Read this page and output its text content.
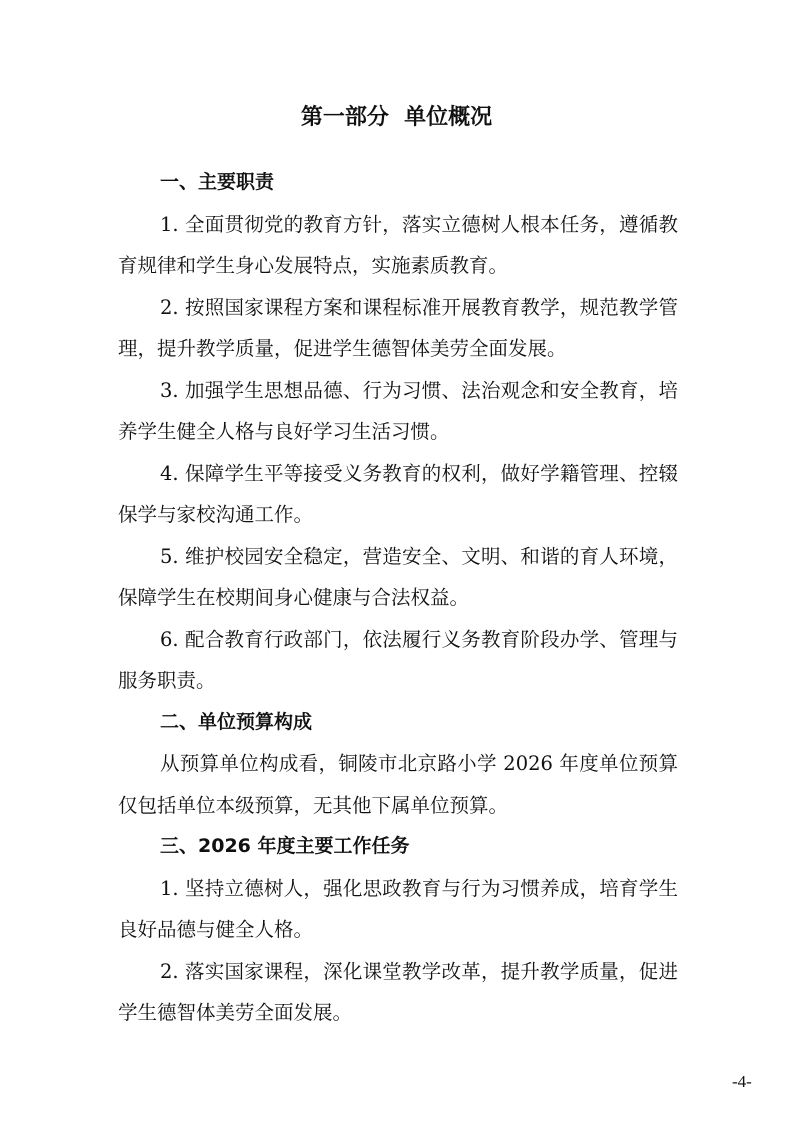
第一部分  单位概况

一、主要职责

1. 全面贯彻党的教育方针，落实立德树人根本任务，遵循教育规律和学生身心发展特点，实施素质教育。

2. 按照国家课程方案和课程标准开展教育教学，规范教学管理，提升教学质量，促进学生德智体美劳全面发展。

3. 加强学生思想品德、行为习惯、法治观念和安全教育，培养学生健全人格与良好学习生活习惯。

4. 保障学生平等接受义务教育的权利，做好学籍管理、控辍保学与家校沟通工作。

5. 维护校园安全稳定，营造安全、文明、和谐的育人环境，保障学生在校期间身心健康与合法权益。

6. 配合教育行政部门，依法履行义务教育阶段办学、管理与服务职责。

二、单位预算构成

从预算单位构成看，铜陵市北京路小学 2026 年度单位预算仅包括单位本级预算，无其他下属单位预算。

三、2026 年度主要工作任务

1. 坚持立德树人，强化思政教育与行为习惯养成，培育学生良好品德与健全人格。

2. 落实国家课程，深化课堂教学改革，提升教学质量，促进学生德智体美劳全面发展。

-4-
